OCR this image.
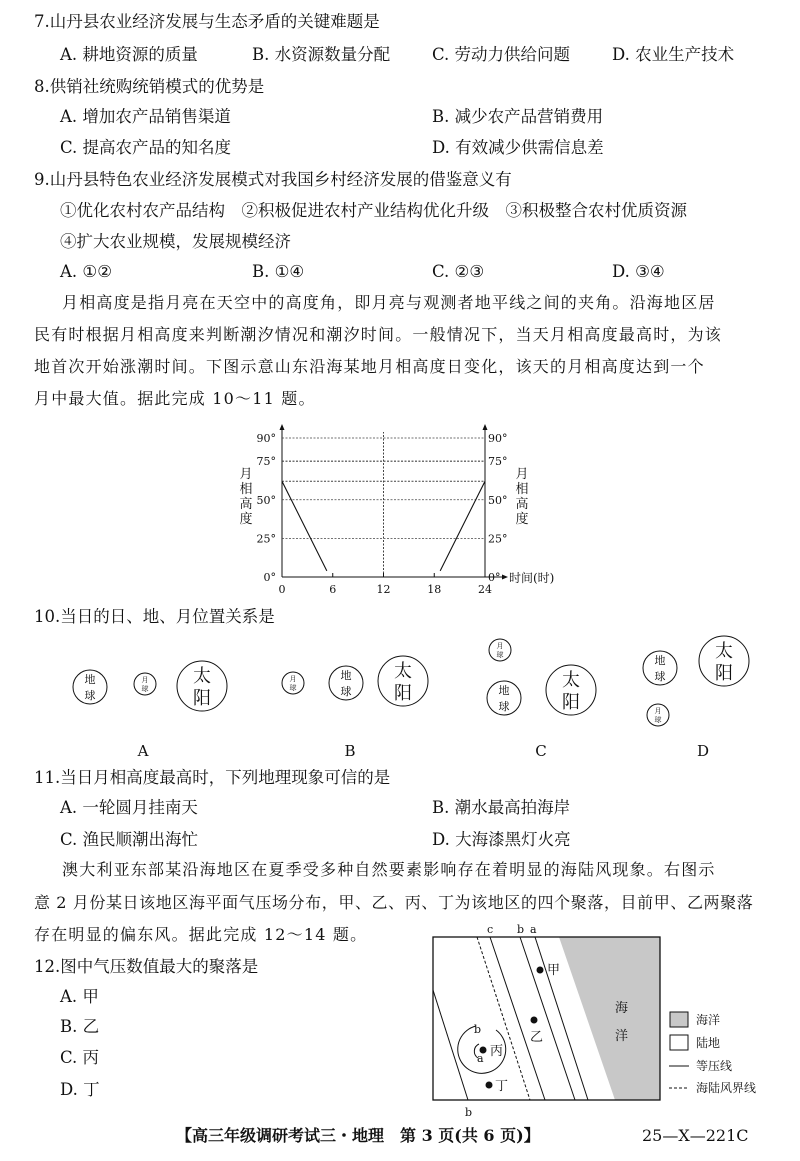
7.山丹县农业经济发展与生态矛盾的关键难题是
A. 耕地资源的质量	B. 水资源数量分配	C. 劳动力供给问题	D. 农业生产技术
8.供销社统购统销模式的优势是
A. 增加农产品销售渠道	B. 减少农产品营销费用
C. 提高农产品的知名度	D. 有效减少供需信息差
9.山丹县特色农业经济发展模式对我国乡村经济发展的借鉴意义有
①优化农村农产品结构　②积极促进农村产业结构优化升级　③积极整合农村优质资源
④扩大农业规模，发展规模经济
A. ①②	B. ①④	C. ②③	D. ③④
月相高度是指月亮在天空中的高度角，即月亮与观测者地平线之间的夹角。沿海地区居
民有时根据月相高度来判断潮汐情况和潮汐时间。一般情况下，当天月相高度最高时，为该
地首次开始涨潮时间。下图示意山东沿海某地月相高度日变化，该天的月相高度达到一个
月中最大值。据此完成 10～11 题。
时间(时)
0°	0°
25°	25°
50°	50°
75°	75°
90°	90°
0	6	12	18	24
月	月
相	相
高	高
度	度
10.当日的日、地、月位置关系是
地
球
地
球	地
球
地
球
月
球
月
球
月
球
月
球
太
阳
太
阳
太
阳
太
阳
A	B	C	D
11.当日月相高度最高时，下列地理现象可信的是
A. 一轮圆月挂南天	B. 潮水最高拍海岸
C. 渔民顺潮出海忙	D. 大海漆黑灯火亮
澳大利亚东部某沿海地区在夏季受多种自然要素影响存在着明显的海陆风现象。右图示
意 2 月份某日该地区海平面气压场分布，甲、乙、丙、丁为该地区的四个聚落，目前甲、乙两聚落
存在明显的偏东风。据此完成 12～14 题。
12.图中气压数值最大的聚落是
A. 甲
B. 乙
C. 丙
D. 丁
c b a
b
b
a
甲
乙
丙
丁
海
洋
海洋
陆地
等压线
海陆风界线
【高三年级调研考试三・地理　第 3 页(共 6 页)】	25—X—221C
